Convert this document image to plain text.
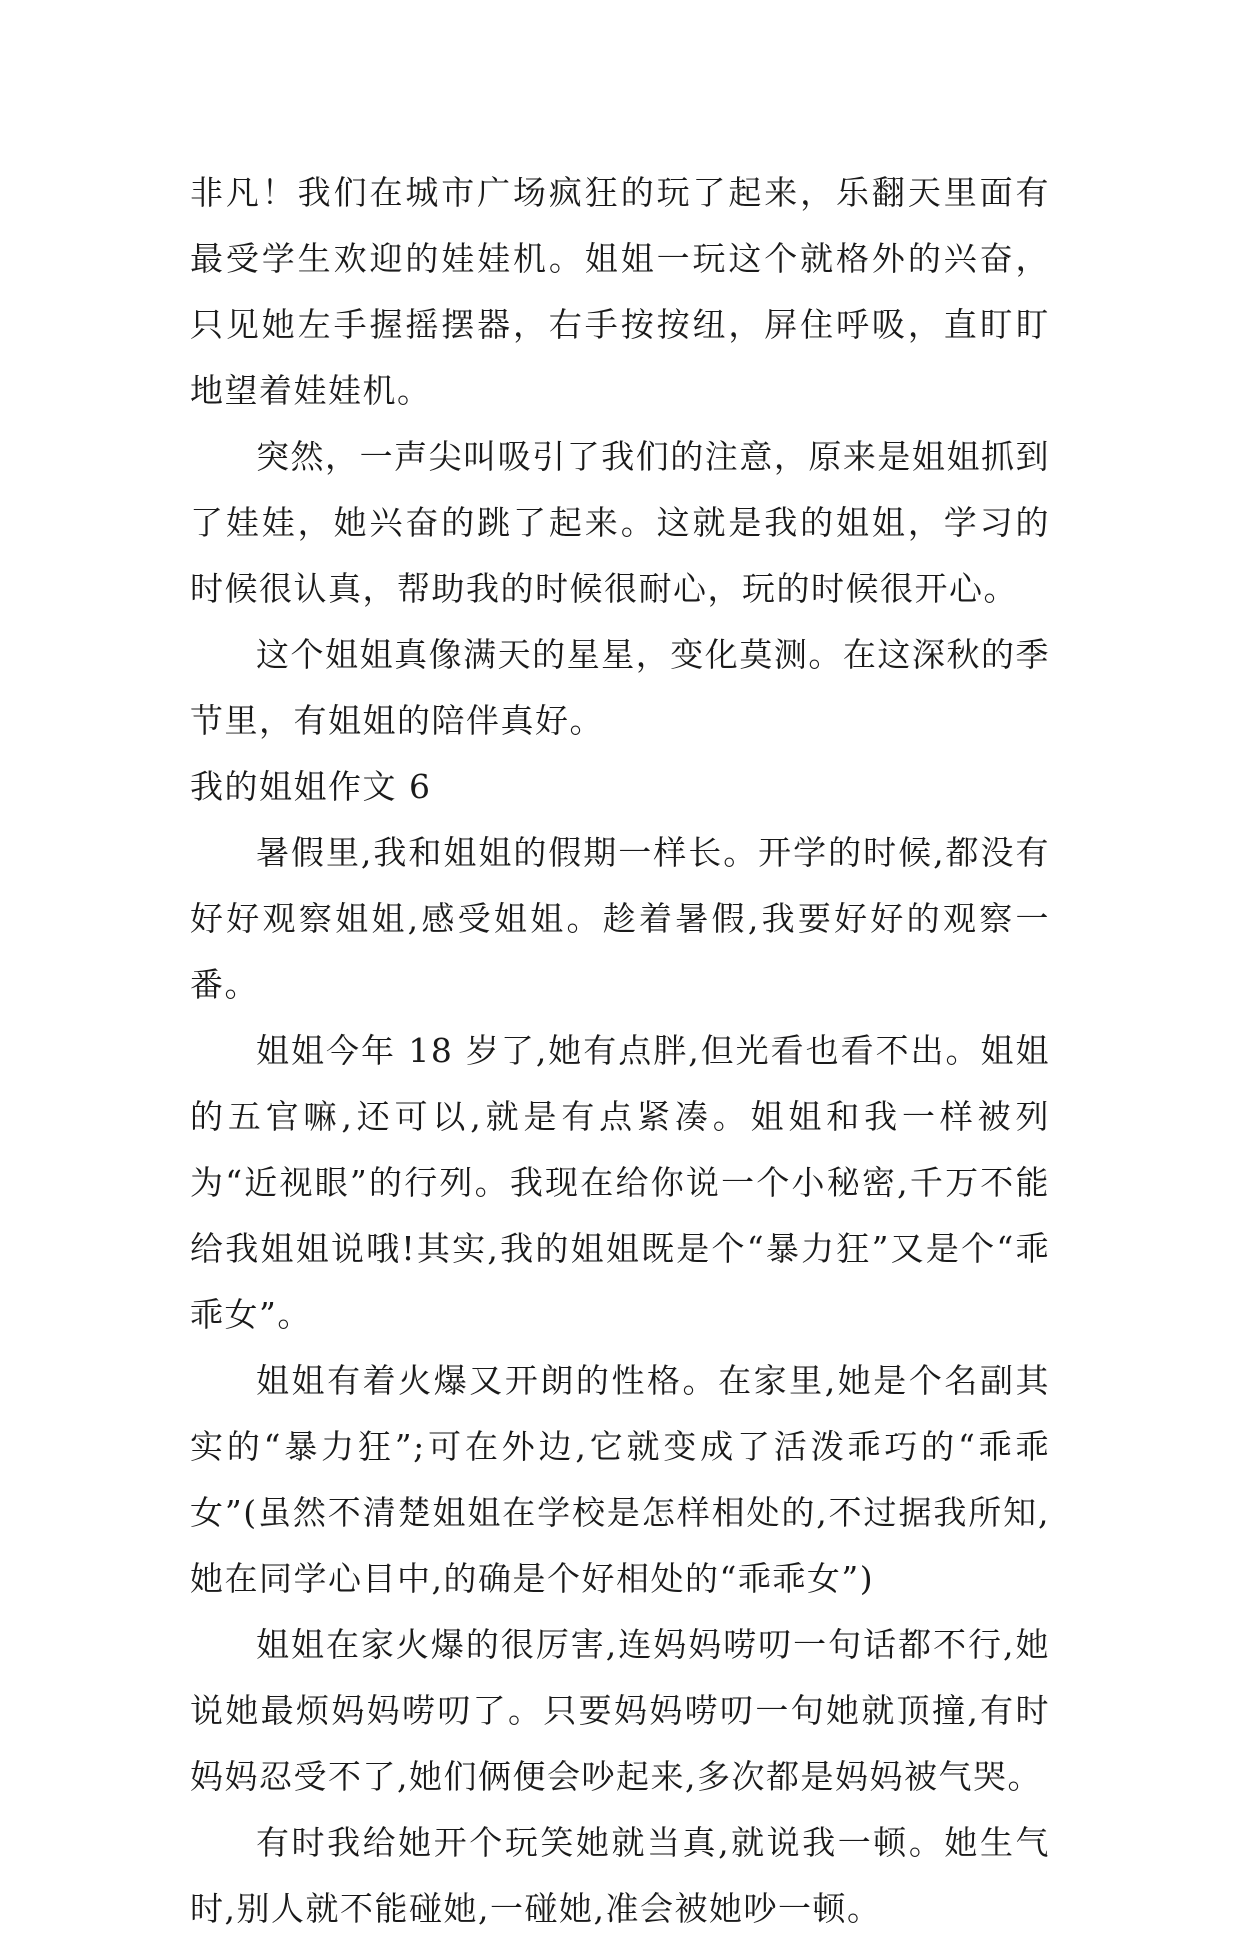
非凡！我们在城市广场疯狂的玩了起来，乐翻天里面有最受学生欢迎的娃娃机。姐姐一玩这个就格外的兴奋，只见她左手握摇摆器，右手按按纽，屏住呼吸，直盯盯地望着娃娃机。

突然，一声尖叫吸引了我们的注意，原来是姐姐抓到了娃娃，她兴奋的跳了起来。这就是我的姐姐，学习的时候很认真，帮助我的时候很耐心，玩的时候很开心。

这个姐姐真像满天的星星，变化莫测。在这深秋的季节里，有姐姐的陪伴真好。

我的姐姐作文 6

暑假里,我和姐姐的假期一样长。开学的时候,都没有好好观察姐姐,感受姐姐。趁着暑假,我要好好的观察一番。

姐姐今年 18 岁了,她有点胖,但光看也看不出。姐姐的五官嘛,还可以,就是有点紧凑。姐姐和我一样被列为“近视眼”的行列。我现在给你说一个小秘密,千万不能给我姐姐说哦!其实,我的姐姐既是个“暴力狂”又是个“乖乖女”。

姐姐有着火爆又开朗的性格。在家里,她是个名副其实的“暴力狂”;可在外边,它就变成了活泼乖巧的“乖乖女”(虽然不清楚姐姐在学校是怎样相处的,不过据我所知,她在同学心目中,的确是个好相处的“乖乖女”)

姐姐在家火爆的很厉害,连妈妈唠叨一句话都不行,她说她最烦妈妈唠叨了。只要妈妈唠叨一句她就顶撞,有时妈妈忍受不了,她们俩便会吵起来,多次都是妈妈被气哭。

有时我给她开个玩笑她就当真,就说我一顿。她生气时,别人就不能碰她,一碰她,准会被她吵一顿。
